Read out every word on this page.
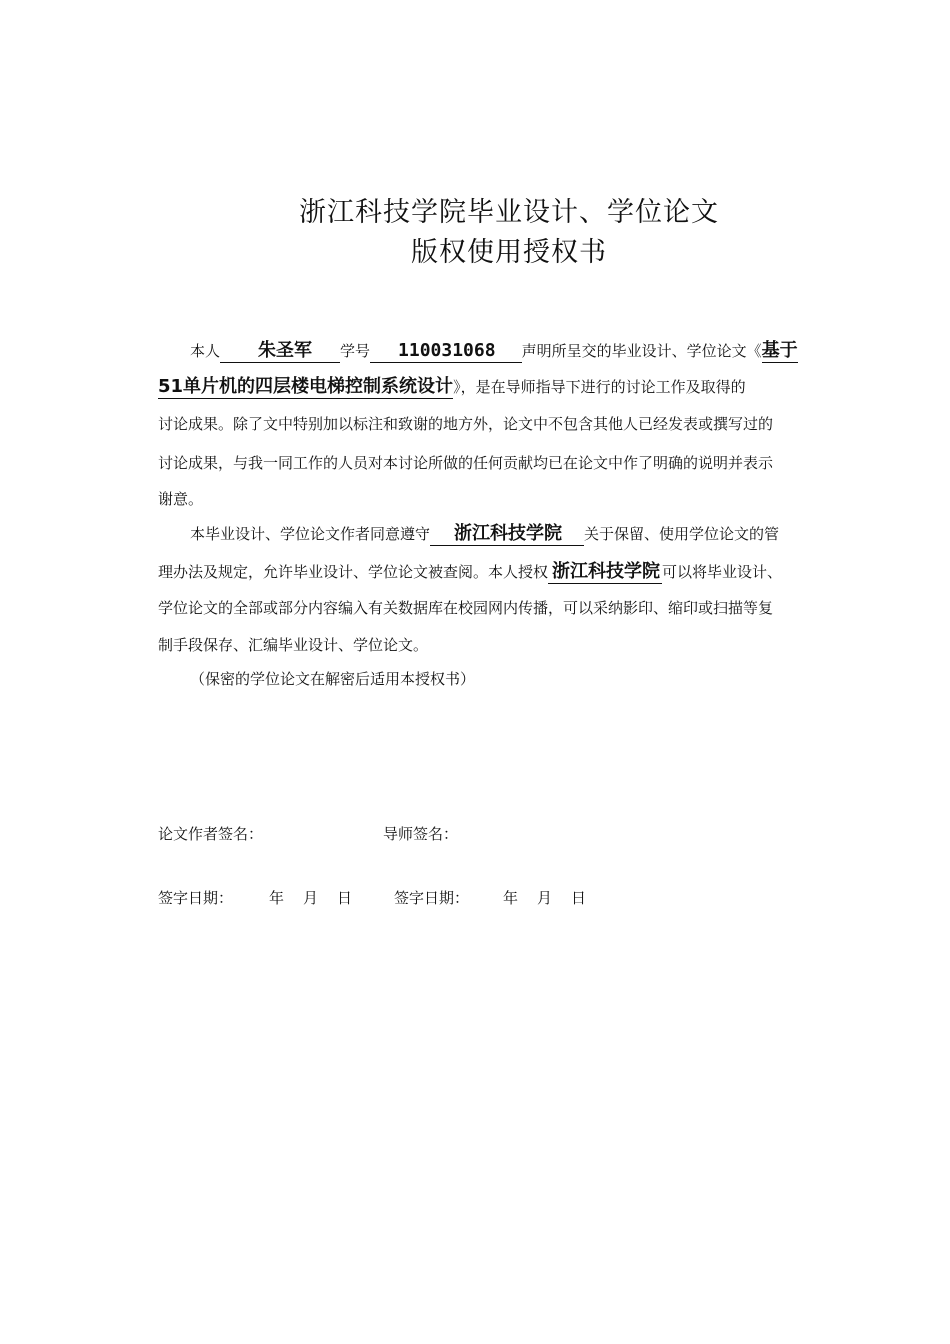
浙江科技学院毕业设计、学位论文
版权使用授权书
本人 朱圣军 学号 110031068 声明所呈交的毕业设计、学位论文《基于
51单片机的四层楼电梯控制系统设计》，是在导师指导下进行的讨论工作及取得的
讨论成果。除了文中特别加以标注和致谢的地方外，论文中不包含其他人已经发表或撰写过的
讨论成果，与我一同工作的人员对本讨论所做的任何贡献均已在论文中作了明确的说明并表示
谢意。
本毕业设计、学位论文作者同意遵守 浙江科技学院 关于保留、使用学位论文的管
理办法及规定，允许毕业设计、学位论文被查阅。本人授权 浙江科技学院 可以将毕业设计、
学位论文的全部或部分内容编入有关数据库在校园网内传播，可以采纳影印、缩印或扫描等复
制手段保存、汇编毕业设计、学位论文。
（保密的学位论文在解密后适用本授权书）
论文作者签名：	导师签名：
签字日期： 年 月 日	签字日期： 年 月 日
